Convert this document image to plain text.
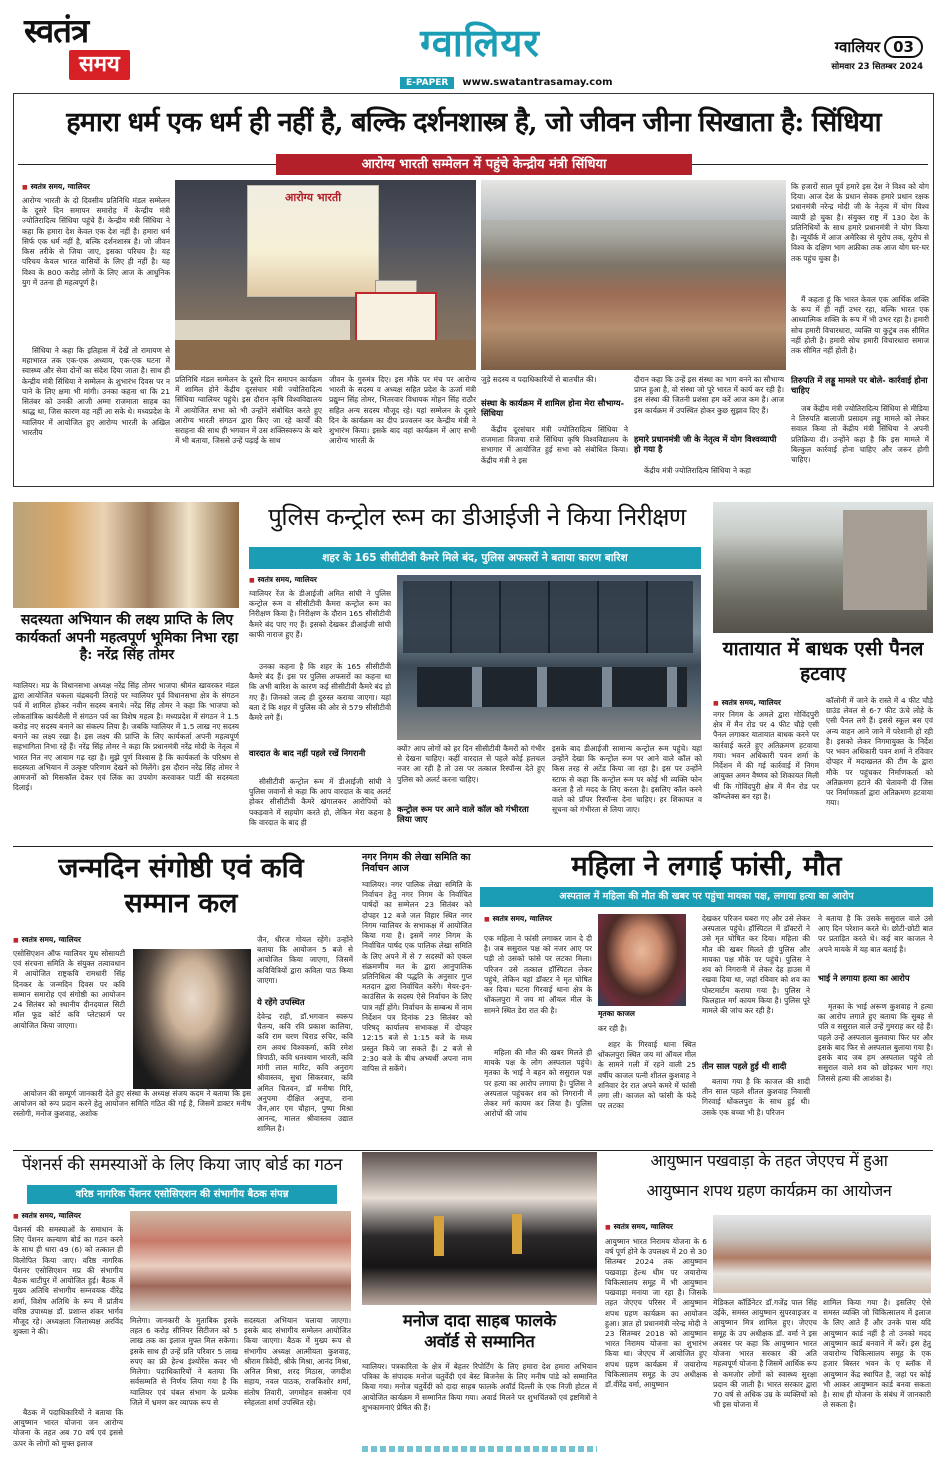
स्वतंत्र
समय	ग्वालियर
E-PAPER www.swatantrasamay.com
ग्वालियर 03
सोमवार 23 सितम्बर 2024
हमारा धर्म एक धर्म ही नहीं है, बल्कि दर्शनशास्त्र है, जो जीवन जीना सिखाता है: सिंधिया
आरोग्य भारती सम्मेलन में पहुंचे केन्द्रीय मंत्री सिंधिया
■ स्वतंत्र समय, ग्वालियर
आरोग्य भारती के दो दिवसीय प्रतिनिधि मंडल सम्मेलन के दूसरे दिन समापन समारोह में केन्द्रीय मंत्री ज्योतिरादित्य सिंधिया पहुंचे हैं। केन्द्रीय मंत्री सिंधिया ने कहा कि हमारा देश केवल एक देश नहीं है। हमारा धर्म सिर्फ एक धर्म नहीं है, बल्कि दर्शनशास्त्र है। जो जीवन किस तरीके से जिया जाए, इसका परिचय है। यह परिचय केवल भारत वासियों के लिए ही नहीं है। यह विश्व के 800 करोड़ लोगों के लिए आज के आधुनिक युग में उतना ही महत्वपूर्ण है।
सिंधिया ने कहा कि इतिहास में देखें तो रामायण से महाभारत तक एक-एक अध्याय, एक-एक घटना में स्वास्थ्य और सेवा दोनों का संदेश दिया जाता है। साथ ही केन्द्रीय मंत्री सिंधिया ने सम्मेलन के शुभारंभ दिवस पर न पाने के लिए क्षमा भी मांगी। उनका कहना था कि 21 सितंबर को उनकी आजी अम्मा राजमाता साहब का श्राद्ध था, जिस कारण वह नहीं आ सके थे। मध्यप्रदेश के ग्वालियर में आयोजित हुए आरोग्य भारती के अखिल भारतीय
आरोग्य भारती
प्रतिनिधि मंडल सम्मेलन के दूसरे दिन समापन कार्यक्रम में शामिल होने केंद्रीय दूरसंचार मंत्री ज्योतिरादित्य सिंधिया ग्वालियर पहुंचे। इस दौरान कृषि विश्वविद्यालय में आयोजित सभा को भी उन्होंने संबोधित करते हुए आरोग्य भारती संगठन द्वारा किए जा रहे कार्यों की सराहना की साथ ही भगवान में उस शक्तिस्वरूप के बारे में भी बताया, जिससे उन्हें पढ़ाई के साथ
जीवन के गुरुमंत्र दिए। इस मौके पर मंच पर आरोग्य भारती के सदस्य व अध्यक्ष सहित प्रदेश के ऊर्जा मंत्री प्रद्युम्न सिंह तोमर, भितरवार विधायक मोहन सिंह राठौर सहित अन्य सदस्य मौजूद रहे। यहां सम्मेलन के दूसरे दिन के कार्यक्रम का दीप प्रज्वलन कर केन्द्रीय मंत्री ने शुभारंभ किया। इसके बाद वहां कार्यक्रम में आए सभी आरोग्य भारती के
जुड़े सदस्य व पदाधिकारियों से बातचीत की।
संस्था के कार्यक्रम में शामिल होना मेरा सौभाग्य- सिंधिया
केंद्रीय दूरसंचार मंत्री ज्योतिरादित्य सिंधिया ने राजमाता विजया राजे सिंधिया कृषि विश्वविद्यालय के सभागार में आयोजित हुई सभा को संबोधित किया। केंद्रीय मंत्री ने इस
दौरान कहा कि उन्हें इस संस्था का भाग बनने का सौभाग्य प्राप्त हुआ है, वो संस्था जो पूरे भारत में कार्य कर रही है। इस संस्था की जितनी प्रशंसा हम करें आज कम है। आज इस कार्यक्रम में उपस्थित होकर कुछ सुझाव दिए हैं।
हमारे प्रधानमंत्री जी के नेतृत्व में योग विश्वव्यापी हो गया है
केंद्रीय मंत्री ज्योतिरादित्य सिंधिया ने कहा
कि हजारों साल पूर्व हमारे इस देश ने विश्व को योग दिया। आज देश के प्रधान सेवक हमारे प्रधान रक्षक प्रधानमंत्री नरेन्द्र मोदी जी के नेतृत्व में योग विश्व व्यापी हो चुका है। संयुक्त राष्ट्र में 130 देश के प्रतिनिधियों के साथ हमारे प्रधानमंत्री ने योग किया है। न्यूयॉर्क में आज अमेरिका से यूरोप तक, यूरोप से विश्व के दक्षिण भाग अफ्रीका तक आज योग घर-घर तक पहुंच चुका है।
मैं कहता हूं कि भारत केवल एक आर्थिक शक्ति के रूप में ही नहीं उभर रहा, बल्कि भारत एक आध्यात्मिक शक्ति के रूप में भी उभर रहा है। हमारी सोच हमारी विचारधारा, व्यक्ति या कुटुंब तक सीमित नहीं होती है। हमारी सोच हमारी विचारधारा समाज तक सीमित नहीं होती है।
तिरुपति में लड्डू मामले पर बोले- कार्रवाई होना चाहिए
जब केंद्रीय मंत्री ज्योतिरादित्य सिंधिया से मीडिया ने तिरुपति बालाजी प्रसादम लड्डू मामले को लेकर सवाल किया तो केंद्रीय मंत्री सिंधिया ने अपनी प्रतिक्रिया दी। उन्होंने कहा है कि इस मामले में बिल्कुल कार्रवाई होना चाहिए और जरूर होगी चाहिए।
सदस्यता अभियान की लक्ष्य प्राप्ति के लिए कार्यकर्ता अपनी महत्वपूर्ण भूमिका निभा रहा है: नरेंद्र सिंह तोमर
ग्वालियर। मप्र के विधानसभा अध्यक्ष नरेंद्र सिंह तोमर भाजपा श्रीमंत खावरकर मंडल द्वारा आयोजित चकला चंद्रबदनी तिराहे पर ग्वालियर पूर्व विधानसभा क्षेत्र के संगठन पर्व में शामिल होकर नवीन सदस्य बनाये। नरेंद्र सिंह तोमर ने कहा कि भाजपा को लोकतांत्रिक कार्यशैली में संगठन पर्व का विशेष महत्व है। मध्यप्रदेश में संगठन ने 1.5 करोड़ नए सदस्य बनाने का संकल्प लिया है। जबकि ग्वालियर में 1.5 लाख नए सदस्य बनाने का लक्ष्य रखा है। इस लक्ष्य की प्राप्ति के लिए कार्यकर्ता अपनी महत्वपूर्ण सहभागिता निभा रहे हैं। नरेंद्र सिंह तोमर ने कहा कि प्रधानमंत्री नरेंद्र मोदी के नेतृत्व में भारत नित नए आयाम गढ़ रहा है। मुझे पूर्ण विश्वास है कि कार्यकर्ता के परिश्रम से सदस्यता अभियान में उत्कृष्ट परिणाम देखने को मिलेंगे। इस दौरान नरेंद्र सिंह तोमर ने आमजनों को मिसकॉल देकर एवं लिंक का उपयोग करवाकर पार्टी की सदस्यता दिलाई।
पुलिस कन्ट्रोल रूम का डीआईजी ने किया निरीक्षण
शहर के 165 सीसीटीवी कैमरे मिले बंद, पुलिस अफसरों ने बताया कारण बारिश
■ स्वतंत्र समय, ग्वालियर
ग्वालियर रेंज के डीआईजी अमित सांघी ने पुलिस कन्ट्रोल रूम व सीसीटीवी कैमरा कन्ट्रोल रूम का निरीक्षण किया है। निरीक्षण के दौरान 165 सीसीटीवी कैमरे बंद पाए गए हैं। इसको देखकर डीआईजी सांघी काफी नाराज हुए हैं।
उनका कहना है कि शहर के 165 सीसीटीवी कैमरे बंद हैं। इस पर पुलिस अफसरों का कहना था कि अभी बारिश के कारण कई सीसीटीवी कैमरे बंद हो गए हैं। जिनको जल्द ही दुरुस्त कराया जाएगा। यहां बता दें कि शहर में पुलिस की ओर से 579 सीसीटीवी कैमरे लगे हैं।
वारदात के बाद नहीं पहले रखें निगरानी
सीसीटीवी कन्ट्रोल रूम में डीआईजी सांघी ने पुलिस जवानों से कहा कि आप वारदात के बाद अलर्ट होकर सीसीटीवी कैमरे खंगालकर आरोपियों को पकड़वाने में सहयोग करते हो, लेकिन मेरा कहना है कि वारदात के बाद ही
क्यों? आप लोगों को हर दिन सीसीटीवी कैमरों को गंभीर से देखना चाहिए। कहीं वारदात से पहले कोई हलचल नजर आ रही है तो उस पर तत्काल रिस्पॉन्स देते हुए पुलिस को अलर्ट करना चाहिए।
कन्ट्रोल रूम पर आने वाले कॉल को गंभीरता लिया जाए
इसके बाद डीआईजी सामान्य कन्ट्रोल रूम पहुंचे। यहां उन्होंने देखा कि कन्ट्रोल रूम पर आने वाले कॉल को किस तरह से अटेंड किया जा रहा है। इस पर उन्होंने स्टाफ से कहा कि कन्ट्रोल रूम पर कोई भी व्यक्ति फोन करता है तो मदद के लिए करता है। इसलिए कॉल करने वाले को प्रॉपर रिस्पॉन्स देना चाहिए। हर शिकायत व सूचना को गंभीरता से लिया जाए।
यातायात में बाधक एसी पैनल हटवाए
■ स्वतंत्र समय, ग्वालियर
नगर निगम के अमले द्वारा गोविंदपुरी क्षेत्र में मैन रोड पर 4 फीट चौड़े एसी पैनल लगाकर यातायात बाधक करने पर कार्रवाई करते हुए अतिक्रमण हटवाया गया। भवन अधिकारी पवन शर्मा के निर्देशन में की गई कार्रवाई में निगम आयुक्त अमन वैष्णव को शिकायत मिली थी कि गोविंदपुरी क्षेत्र में मैन रोड पर कॉम्प्लेक्स बन रहा है।
कॉलोनी में जाने के रास्ते में 4 फीट चौड़े ग्राउंड लेवल से 6-7 फीट ऊंचे लोहे के एसी पैनल लगे हैं। इससे स्कूल बस एवं अन्य वाहन आने जाने में परेशानी हो रही है। इसको लेकर निगमायुक्त के निर्देश पर भवन अधिकारी पवन शर्मा ने रविवार दोपहर में मदाखलत की टीम के द्वारा मौके पर पहुंचकर निर्माणकर्ता को अतिक्रमण हटाने की चेतावनी दी जिस पर निर्माणकर्ता द्वारा अतिक्रमण हटवाया गया।
जन्मदिन संगोष्ठी एवं कवि सम्मान कल
■ स्वतंत्र समय, ग्वालियर
एसोसिएशन ऑफ ग्वालियर यूथ सोसायटी एवं संरचना समिति के संयुक्त तत्वावधान में आयोजित राष्ट्रकवि रामधारी सिंह दिनकर के जन्मदिन दिवस पर कवि सम्मान समारोह एवं संगोष्ठी का आयोजन 24 सितंबर को स्थानीय दीनदयाल सिटी मॉल फूड कोर्ट कवि प्लेटफ़ार्म पर आयोजित किया जाएगा।
आयोजन की सम्पूर्ण जानकारी देते हुए संस्था के अध्यक्ष संजय कदम ने बताया कि इस आयोजन को रूप प्रदान करने हेतु आयोजन समिति गठित की गई है, जिसमें डाक्टर मनीष रस्तोगी, मनोज कुशवाह, अशोक
जैन, धीरज गोयल रहेंगे। उन्होंने बताया कि आयोजन 5 बजे से आयोजित किया जाएगा, जिसमें कवियित्रियों द्वारा कविता पाठ किया जाएगा।
ये रहेंगे उपस्थित
देवेन्द्र राही, डॉ.भगवान स्वरूप चैतन्य, कवि रवि प्रकाश कालिया, कवि राम चरण चिराड रुचिर, कवि राम अवध विश्वकर्मा, कवि रमेश त्रिपाठी, कवि धनश्याम भारती, कवि मांगी लाल मारिट, कवि अनुराग श्रीवास्तव, सुधा सिकरवार, कवि अमित चितवन, डॉ मनीषा गिरि, अनुपमा दीक्षित अनुपा, राना जैन,आर एम चौहान, पुष्पा मिश्रा आनन्द, मालत श्रीवास्तव उद्यात शामिल है।
नगर निगम की लेखा समिति का निर्वाचन आज
ग्वालियर। नगर पालिक लेखा समिति के निर्वाचन हेतु नगर निगम के निर्वाचित पार्षदों का सम्मेलन 23 सितंबर को दोपहर 12 बजे जल विहार स्थित नगर निगम ग्वालियर के सभाकक्ष में आयोजित किया गया है। इसमें नगर निगम के निर्वाचित पार्षद एक पालिक लेखा समिति के लिए अपने में से 7 सदस्यों को एकल संक्रमणीय मत के द्वारा आनुपातिक प्रतिनिधित्व की पद्धति के अनुसार गुप्त मतदान द्वारा निर्वाचित करेंगे। मेयर-इन-काउंसिल के सदस्य ऐसे निर्वाचन के लिए पात्र नहीं होंगे। निर्वाचन के सम्बन्ध में नाम निर्देशन पत्र दिनांक 23 सितंबर को परिषद् कार्यालय सभाकक्ष में दोपहर 12:15 बजे से 1:15 बजे के मध्य प्रस्तुत किये जा सकते हैं। 2 बजे से 2:30 बजे के बीच अभ्यर्थी अपना नाम वापिस ले सकेंगे।
महिला ने लगाई फांसी, मौत
अस्पताल में महिला की मौत की खबर पर पहुंचा मायका पक्ष, लगाया हत्या का आरोप
■ स्वतंत्र समय, ग्वालियर
एक महिला ने फांसी लगाकर जान दे दी है। जब ससुराल पक्ष को नजर आए पर पड़ी तो उसको फांसे पर लटका मिला। परिजन उसे तत्काल हॉस्पिटल लेकर पहुंचे, लेकिन यहां डॉक्टर ने मृत घोषित कर दिया। घटना गिरवाई थाना क्षेत्र के धोंकलपुरा में जय मां ऑयल मील के सामने स्थित डेरा रात की है।
महिला की मौत की खबर मिलते ही मायके पक्ष के लोग अस्पताल पहुंचे। मृतका के भाई ने बहन को ससुराल पक्ष पर हत्या का आरोप लगाया है। पुलिस ने अस्पताल पहुंचकर शव को निगरानी में लेकर मर्ग कायम कर लिया है। पुलिस आरोपों की जांच
मृतका काजल
कर रही है।
शहर के गिरवाई थाना स्थित धोंकलपुरा स्थित जय मां ऑयल मील के सामने गली में रहने वाली 25 वर्षीय काजल पत्नी शीतल कुशवाह ने शनिवार देर रात अपने कमरे में फांसी लगा ली। काजल को फांसी के फंदे पर लटका
देखकर परिजन घबरा गए और उसे लेकर अस्पताल पहुंचे। हॉस्पिटल में डॉक्टरों ने उसे मृत घोषित कर दिया। महिला की मौत की खबर मिलते ही पुलिस और मायका पक्ष मौके पर पहुंचे। पुलिस ने शव को निगरानी में लेकर देह हाउस में रखवा दिया था, जहां रविवार को शव का पोस्टमार्टम कराया गया है। पुलिस ने फिलहाल मर्ग कायम किया है। पुलिस पूरे मामले की जांच कर रही है।
तीन साल पहले हुई थी शादी
बताया गया है कि काजल की शादी तीन साल पहले शीतल कुशवाह निवासी गिरवाई धोंकलपुरा के साथ हुई थी। उसके एक बच्चा भी है। परिजन
ने बताया है कि उसके ससुराल वाले उसे आए दिन परेशान करते थे। छोटी-छोटी बात पर प्रताड़ित करते थे। कई बार काजल ने अपने मायके में यह बात बताई है।
भाई ने लगाया हत्या का आरोप
मृतका के भाई अरूण कुशवाह ने हत्या का आरोप लगाते हुए बताया कि सुबह से पति व ससुराल वाले उन्हें गुमराह कर रहे हैं। पहले उन्हें अस्पताल बुलवाया फिर घर और इसके बाद फिर से अस्पताल बुलाया गया है। इसके बाद जब हम अस्पताल पहुंचे तो ससुराल वाले शव को छोड़कर भाग गए। जिससे हत्या की आशंका है।
पेंशनर्स की समस्याओं के लिए किया जाए बोर्ड का गठन
वरिष्ठ नागरिक पेंशनर एसोसिएशन की संभागीय बैठक संपन्न
■ स्वतंत्र समय, ग्वालियर
पेंशनर्स की समस्याओं के समाधान के लिए पेंशनर कल्याण बोर्ड का गठन करने के साथ ही धारा 49 (6) को तत्काल ही विलोपित किया जाए। वरिष्ठ नागरिक पेंशनर एसोसिएशन मप्र की संभागीय बैठक थाटीपुर में आयोजित हुई। बैठक में मुख्य अतिथि संभागीय सम्नवयक वीरेंद्र शर्मा, विशेष अतिथि के रूप में प्रांतीय वरिष्ठ उपाध्यक्ष डॉ. प्रशान्त शंकर भार्गव मौजूद रहे। अध्यक्षता जिलाध्यक्ष अरविंद शुक्ला ने की।
बैठक में पदाधिकारियों ने बताया कि आयुष्मान भारत योजना जन आरोग्य योजना के तहत अब 70 वर्ष एवं इससे ऊपर के लोगों को मुफ्त इलाज
मिलेगा। जानकारी के मुताबिक इसके तहत 6 करोड़ सीनियर सिटीजन को 5 लाख तक का इलाज मुफ्त मिल सकेगा। इसके साथ ही उन्हें प्रति परिवार 5 लाख रुपए का फ्री हेल्थ इंश्योरेंस कवर भी मिलेगा। पदाधिकारियों ने बताया कि सर्वसम्मति से निर्णय लिया गया है कि ग्वालियर एवं चंबल संभाग के प्रत्येक जिले में भ्रमण कर व्यापक रूप से
सदस्यता अभियान चलाया जाएगा। इसके बाद संभागीय सम्मेलन आयोजित किया जाएगा। बैठक में मुख्य रूप से संभागीय अध्यक्ष आत्मीयता कुशवाह, श्रीराम त्रिवेदी, श्रीके मिश्रा, आनंद मिश्रा, अनिल मिश्रा, शरद मिठास, जगदीश सहाय, नवल पाठक, राजकिशोर शर्मा, संतोष तिवारी, जगमोहन सक्सेना एवं स्नेहलता शर्मा उपस्थित रहे।
मनोज दादा साहब फालके
अवॉर्ड से सम्मानित
ग्वालियर। पत्रकारिता के क्षेत्र में बेहतर रिपोर्टिंग के लिए हमारा देश हमारा अभियान पत्रिका के संपादक मनोज चतुर्वेदी एवं बेस्ट बिजनेस के लिए मनीष पांडे को सम्मानित किया गया। मनोज चतुर्वेदी को दादा साहब फालके अवॉर्ड दिल्ली के एक निजी होटल में आयोजित कार्यक्रम में सम्मानित किया गया। अवार्ड मिलने पर शुभचिंतकों एवं इष्टमित्रों ने शुभकामनाएं प्रेषित की हैं।
आयुष्मान पखवाड़ा के तहत जेएएच में हुआ
आयुष्मान शपथ ग्रहण कार्यक्रम का आयोजन
■ स्वतंत्र समय, ग्वालियर
आयुष्मान भारत निरामय योजना के 6 वर्ष पूर्ण होने के उपलक्ष्य में 20 से 30 सितम्बर 2024 तक आयुष्मान पखवाड़ा हेल्थ थीम पर जयारोग्य चिकित्सालय समूह में भी आयुष्मान पखवाड़ा मनाया जा रहा है। जिसके तहत जेएएच परिसर में आयुष्मान शपथ ग्रहण कार्यक्रम का आयोजन हुआ। ज्ञात हो प्रधानमंत्री नरेन्द्र मोदी ने 23 सितम्बर 2018 को आयुष्मान भारत निरामय योजना का शुभारंभ किया था। जेएएच में आयोजित हुए शपथ ग्रहण कार्यक्रम में जयारोग्य चिकित्सालय समूह के उप अधीक्षक डॉ.वीरेंद्र वर्मा, आयुष्मान
मेडिकल कॉर्डिनेटर डॉ.गजेंद्र पाल सिंह उईके, समस्त आयुष्मान सुपरवाइजर व आयुष्मान मित्र शामिल हुए। जेएएच समूह के उप अधीक्षक डॉ. वर्मा ने इस अवसर पर कहा कि आयुष्मान भारत योजना भारत सरकार की अति महत्वपूर्ण योजना है जिसमें आर्थिक रूप से कमजोर लोगों को स्वास्थ्य सुरक्षा प्रदान की जाती है। भारत सरकार द्वारा 70 वर्ष से अधिक उम्र के व्यक्तियों को भी इस योजना में
शामिल किया गया है। इसलिए ऐसे समस्त व्यक्ति जो चिकित्सालय में इलाज के लिए आते हैं और उनके पास यदि आयुष्मान कार्ड नहीं है तो उनको मदद आयुष्मान कार्ड बनवाने में करें। इस हेतु जयारोग्य चिकित्सालय समूह के एक हजार बिस्तर भवन के ए ब्लॉक में आयुष्मान केंद्र स्थापित है, जहां पर कोई भी आकर आयुष्मान कार्ड बनवा सकता है। साथ ही योजना के संबंध में जानकारी ले सकता है।
